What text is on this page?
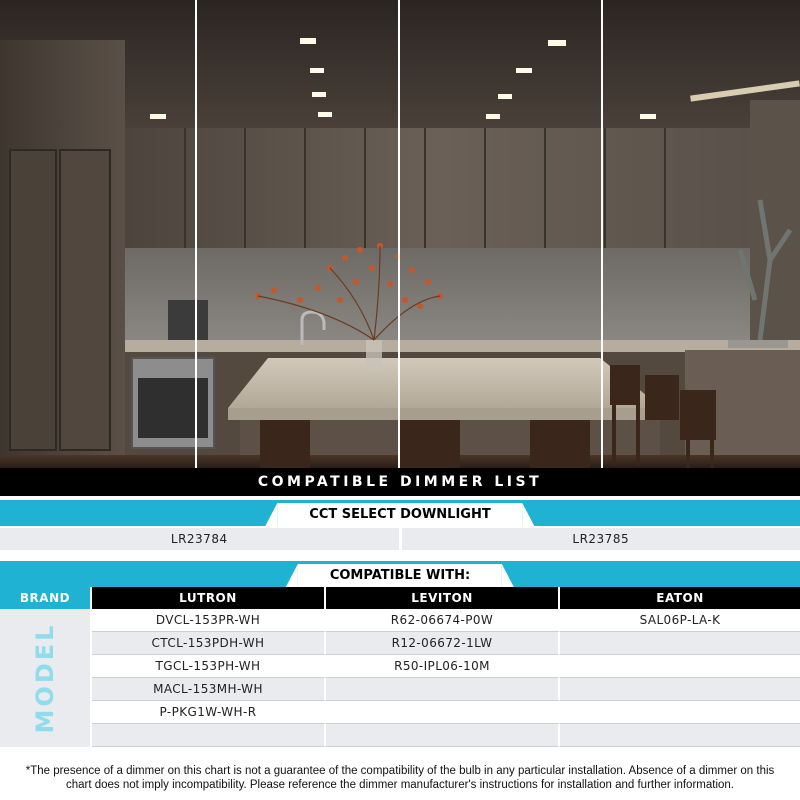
COMPATIBLE DIMMER LIST
CCT SELECT DOWNLIGHT
LR23784	LR23785
COMPATIBLE WITH:
BRAND	LUTRON	LEVITON	EATON
MODEL
DVCL-153PR-WH	R62-06674-P0W	SAL06P-LA-K
CTCL-153PDH-WH	R12-06672-1LW
TGCL-153PH-WH	R50-IPL06-10M
MACL-153MH-WH
P-PKG1W-WH-R
*The presence of a dimmer on this chart is not a guarantee of the compatibility of the bulb in any particular installation. Absence of a dimmer on this chart does not imply incompatibility. Please reference the dimmer manufacturer's instructions for installation and further information.
